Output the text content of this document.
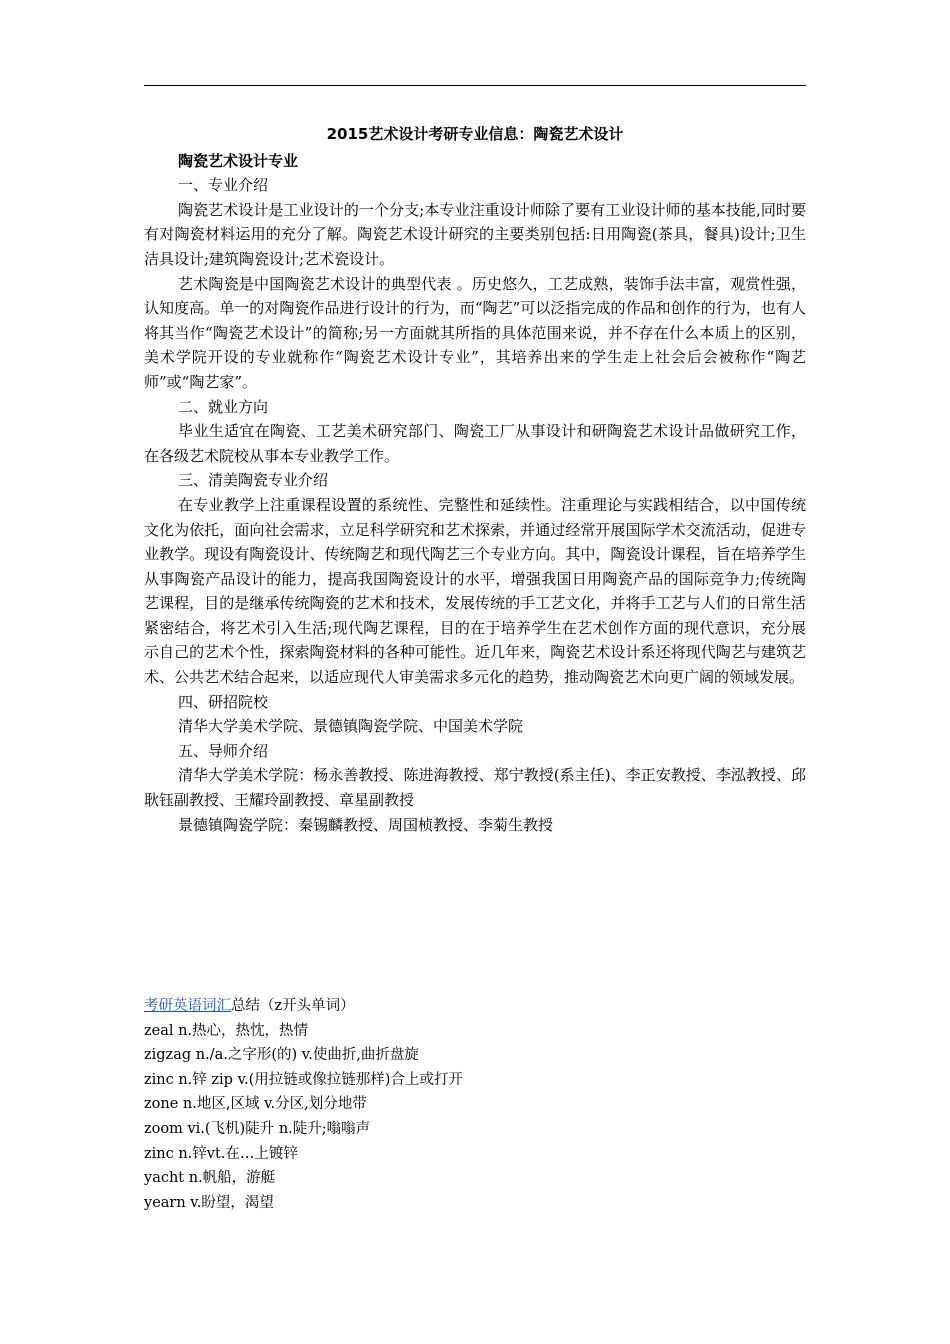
2015艺术设计考研专业信息：陶瓷艺术设计
陶瓷艺术设计专业
一、专业介绍
陶瓷艺术设计是工业设计的一个分支;本专业注重设计师除了要有工业设计师的基本技能,同时要有对陶瓷材料运用的充分了解。陶瓷艺术设计研究的主要类别包括:日用陶瓷(茶具，餐具)设计;卫生洁具设计;建筑陶瓷设计;艺术瓷设计。
艺术陶瓷是中国陶瓷艺术设计的典型代表 。历史悠久，工艺成熟，装饰手法丰富，观赏性强，认知度高。单一的对陶瓷作品进行设计的行为，而“陶艺”可以泛指完成的作品和创作的行为，也有人将其当作“陶瓷艺术设计”的简称;另一方面就其所指的具体范围来说，并不存在什么本质上的区别，美术学院开设的专业就称作“陶瓷艺术设计专业”，其培养出来的学生走上社会后会被称作“陶艺师”或“陶艺家”。
二、就业方向
毕业生适宜在陶瓷、工艺美术研究部门、陶瓷工厂从事设计和研陶瓷艺术设计品做研究工作，在各级艺术院校从事本专业教学工作。
三、清美陶瓷专业介绍
在专业教学上注重课程设置的系统性、完整性和延续性。注重理论与实践相结合，以中国传统文化为依托，面向社会需求，立足科学研究和艺术探索，并通过经常开展国际学术交流活动，促进专业教学。现设有陶瓷设计、传统陶艺和现代陶艺三个专业方向。其中，陶瓷设计课程，旨在培养学生从事陶瓷产品设计的能力，提高我国陶瓷设计的水平，增强我国日用陶瓷产品的国际竞争力;传统陶艺课程，目的是继承传统陶瓷的艺术和技术，发展传统的手工艺文化，并将手工艺与人们的日常生活紧密结合，将艺术引入生活;现代陶艺课程，目的在于培养学生在艺术创作方面的现代意识，充分展示自己的艺术个性，探索陶瓷材料的各种可能性。近几年来，陶瓷艺术设计系还将现代陶艺与建筑艺术、公共艺术结合起来，以适应现代人审美需求多元化的趋势，推动陶瓷艺术向更广阔的领域发展。
四、研招院校
清华大学美术学院、景德镇陶瓷学院、中国美术学院
五、导师介绍
清华大学美术学院：杨永善教授、陈进海教授、郑宁教授(系主任)、李正安教授、李泓教授、邱耿钰副教授、王耀玲副教授、章星副教授
景德镇陶瓷学院：秦锡麟教授、周国桢教授、李菊生教授
考研英语词汇总结（z开头单词）
zeal n.热心，热忱，热情
zigzag n./a.之字形(的) v.使曲折,曲折盘旋
zinc n.锌 zip v.(用拉链或像拉链那样)合上或打开
zone n.地区,区域 v.分区,划分地带
zoom vi.(飞机)陡升 n.陡升;嗡嗡声
zinc n.锌vt.在…上镀锌
yacht n.帆船，游艇
yearn v.盼望，渴望
